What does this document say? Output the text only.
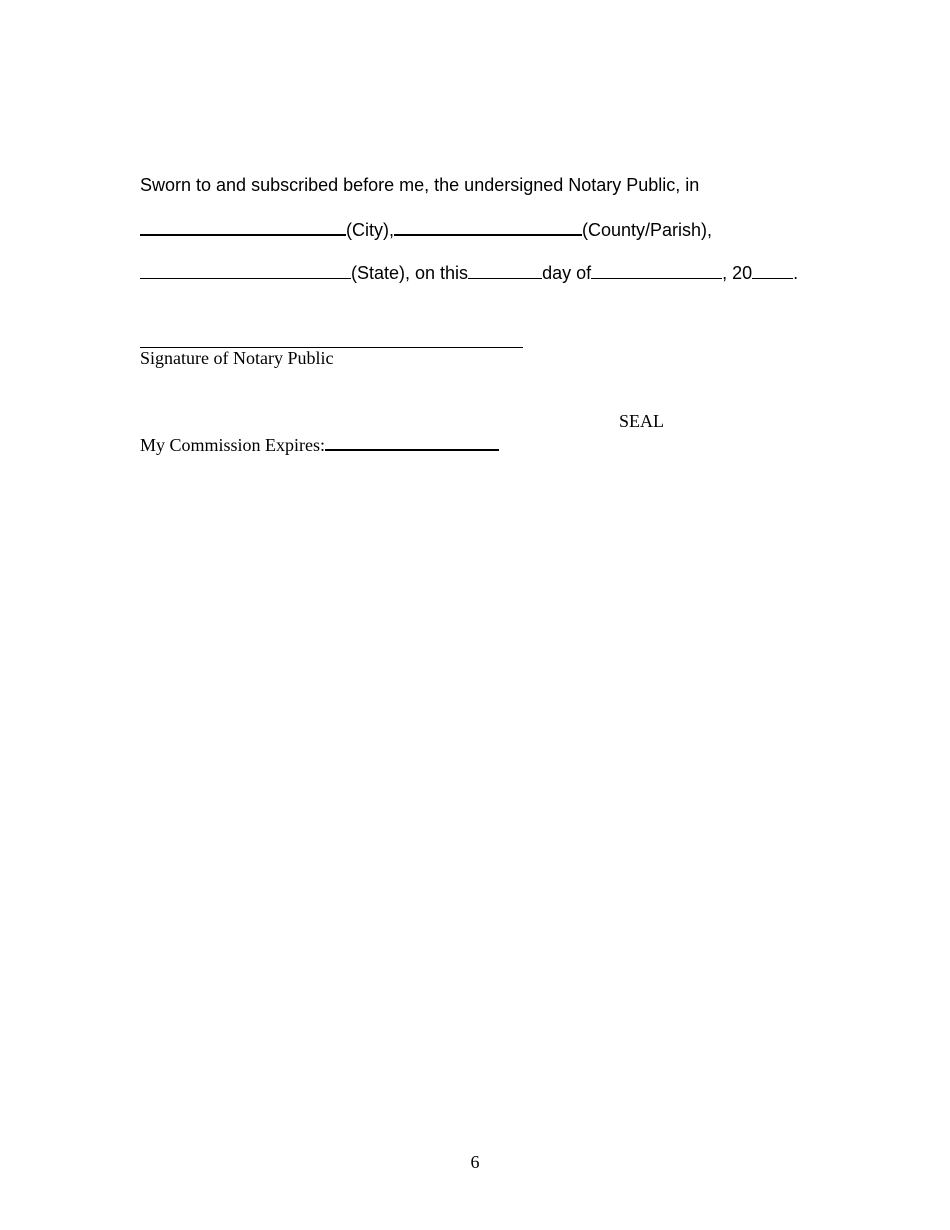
Sworn to and subscribed before me, the undersigned Notary Public, in
(City),	(County/Parish),
(State), on this	day of	, 20 .
Signature of Notary Public
SEAL
My Commission Expires:
6
